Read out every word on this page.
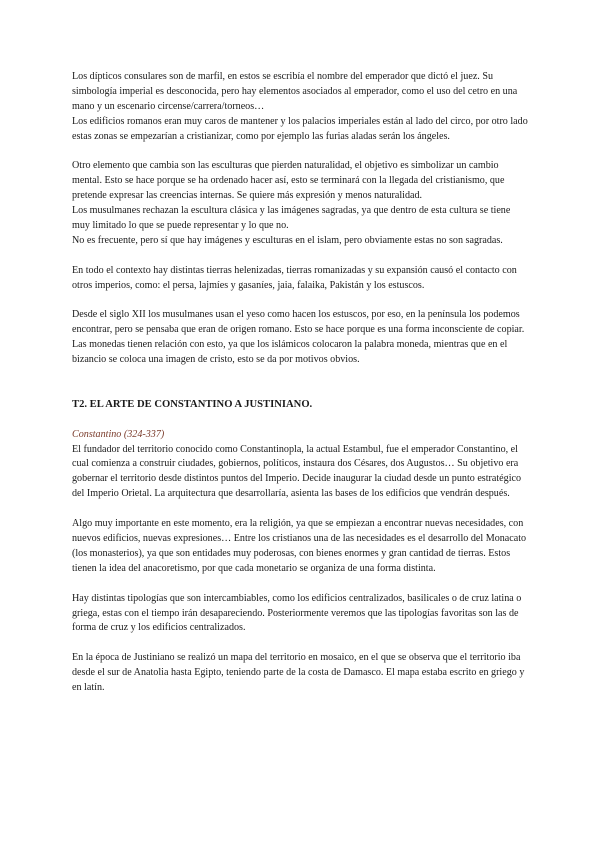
Los dípticos consulares son de marfil, en estos se escribía el nombre del emperador que dictó el juez. Su simbología imperial es desconocida, pero hay elementos asociados al emperador, como el uso del cetro en una mano y un escenario circense/carrera/torneos…

Los edificios romanos eran muy caros de mantener y los palacios imperiales están al lado del circo, por otro lado estas zonas se empezarían a cristianizar, como por ejemplo las furias aladas serán los ángeles.

Otro elemento que cambia son las esculturas que pierden naturalidad, el objetivo es simbolizar un cambio mental. Esto se hace porque se ha ordenado hacer así, esto se terminará con la llegada del cristianismo, que pretende expresar las creencias internas. Se quiere más expresión y menos naturalidad.

Los musulmanes rechazan la escultura clásica y las imágenes sagradas, ya que dentro de esta cultura se tiene muy limitado lo que se puede representar y lo que no.

No es frecuente, pero sí que hay imágenes y esculturas en el islam, pero obviamente estas no son sagradas.

En todo el contexto hay distintas tierras helenizadas, tierras romanizadas y su expansión causó el contacto con otros imperios, como: el persa, lajmíes y gasaníes, jaia, falaika, Pakistán y los estuscos.

Desde el siglo XII los musulmanes usan el yeso como hacen los estuscos, por eso, en la península los podemos encontrar, pero se pensaba que eran de origen romano. Esto se hace porque es una forma inconsciente de copiar. Las monedas tienen relación con esto, ya que los islámicos colocaron la palabra moneda, mientras que en el bizancio se coloca una imagen de cristo, esto se da por motivos obvios.

T2. EL ARTE DE CONSTANTINO A JUSTINIANO.

Constantino (324-337)

El fundador del territorio conocido como Constantinopla, la actual Estambul, fue el emperador Constantino, el cual comienza a construir ciudades, gobiernos, políticos, instaura dos Césares, dos Augustos… Su objetivo era gobernar el territorio desde distintos puntos del Imperio. Decide inaugurar la ciudad desde un punto estratégico del Imperio Orietal. La arquitectura que desarrollaría, asienta las bases de los edificios que vendrán después.

Algo muy importante en este momento, era la religión, ya que se empiezan a encontrar nuevas necesidades, con nuevos edificios, nuevas expresiones… Entre los cristianos una de las necesidades es el desarrollo del Monacato (los monasterios), ya que son entidades muy poderosas, con bienes enormes y gran cantidad de tierras. Estos tienen la idea del anacoretismo, por que cada monetario se organiza de una forma distinta.

Hay distintas tipologías que son intercambiables, como los edificios centralizados, basilicales o de cruz latina o griega, estas con el tiempo irán desapareciendo. Posteriormente veremos que las tipologías favoritas son las de forma de cruz y los edificios centralizados.

En la época de Justiniano se realizó un mapa del territorio en mosaico, en el que se observa que el territorio iba desde el sur de Anatolia hasta Egipto, teniendo parte de la costa de Damasco. El mapa estaba escrito en griego y en latín.
